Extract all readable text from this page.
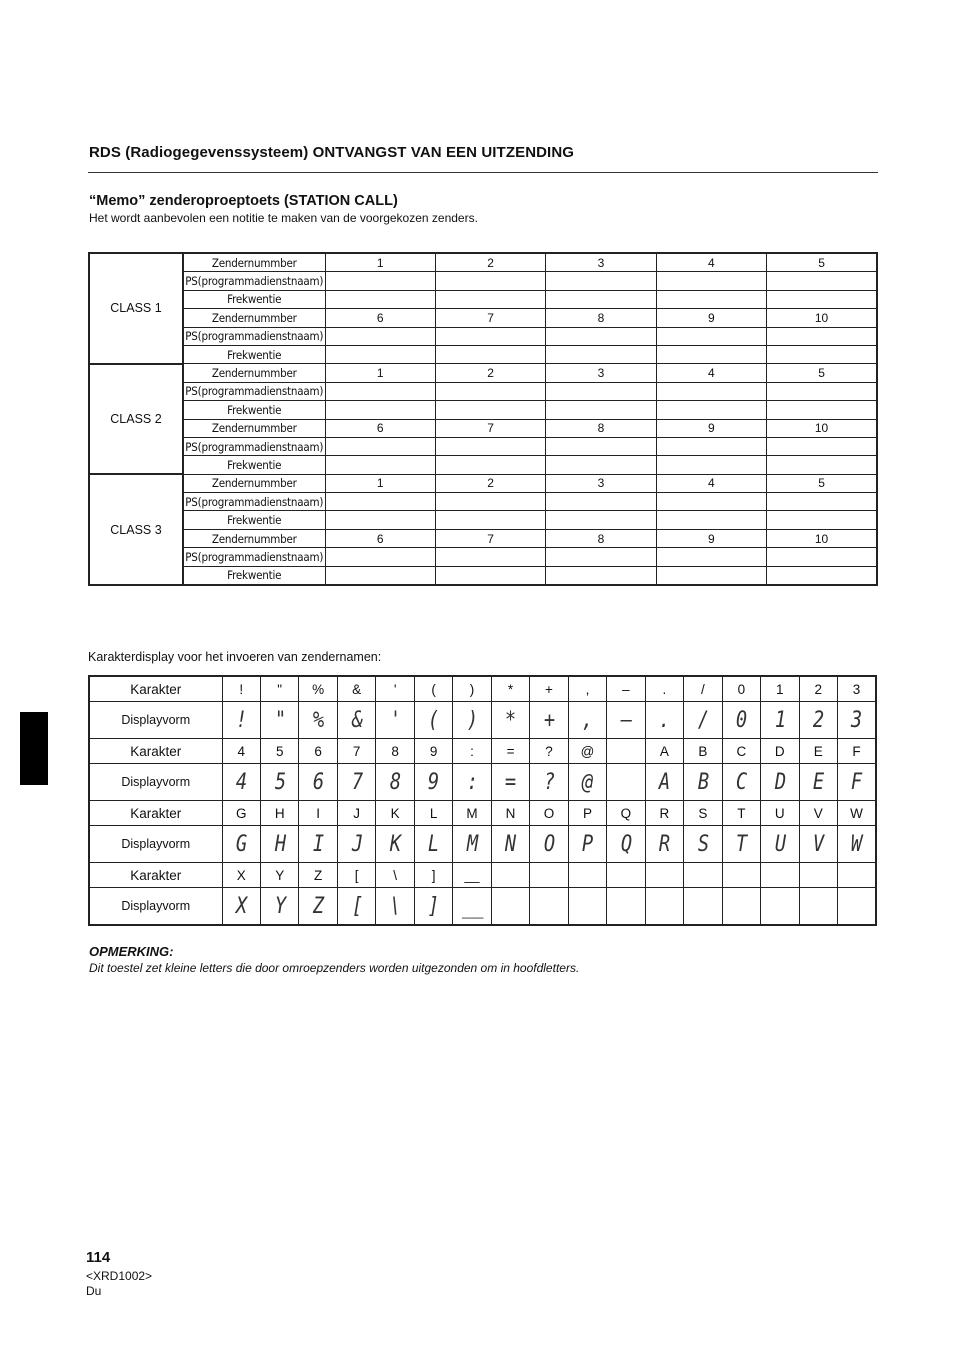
RDS (Radiogegevenssysteem) ONTVANGST VAN EEN UITZENDING
“Memo” zenderoproeptoets (STATION CALL)
Het wordt aanbevolen een notitie te maken van de voorgekozen zenders.
CLASS 1	Zendernummber	1	2	3	4	5
	PS(programmadienstnaam)					
	Frekwentie					
	Zendernummber	6	7	8	9	10
	PS(programmadienstnaam)					
	Frekwentie					
CLASS 2	Zendernummber	1	2	3	4	5
	PS(programmadienstnaam)					
	Frekwentie					
	Zendernummber	6	7	8	9	10
	PS(programmadienstnaam)					
	Frekwentie					
CLASS 3	Zendernummber	1	2	3	4	5
	PS(programmadienstnaam)					
	Frekwentie					
	Zendernummber	6	7	8	9	10
	PS(programmadienstnaam)					
	Frekwentie					
Karakterdisplay voor het invoeren van zendernamen:
Karakter	!	"	%	&	'	(	)	*	+	,	–	.	/	0	1	2	3
Displayvorm	!	"	%	&	'	(	)	*	+	,	–	.	/	0	1	2	3
Karakter	4	5	6	7	8	9	:	=	?	@		A	B	C	D	E	F
Displayvorm	4	5	6	7	8	9	:	=	?	@		A	B	C	D	E	F
Karakter	G	H	I	J	K	L	M	N	O	P	Q	R	S	T	U	V	W
Displayvorm	G	H	I	J	K	L	M	N	O	P	Q	R	S	T	U	V	W
Karakter	X	Y	Z	[	\	]	__										
Displayvorm	X	Y	Z	[	\	]	__										
OPMERKING:
Dit toestel zet kleine letters die door omroepzenders worden uitgezonden om in hoofdletters.
114
<XRD1002>
Du
